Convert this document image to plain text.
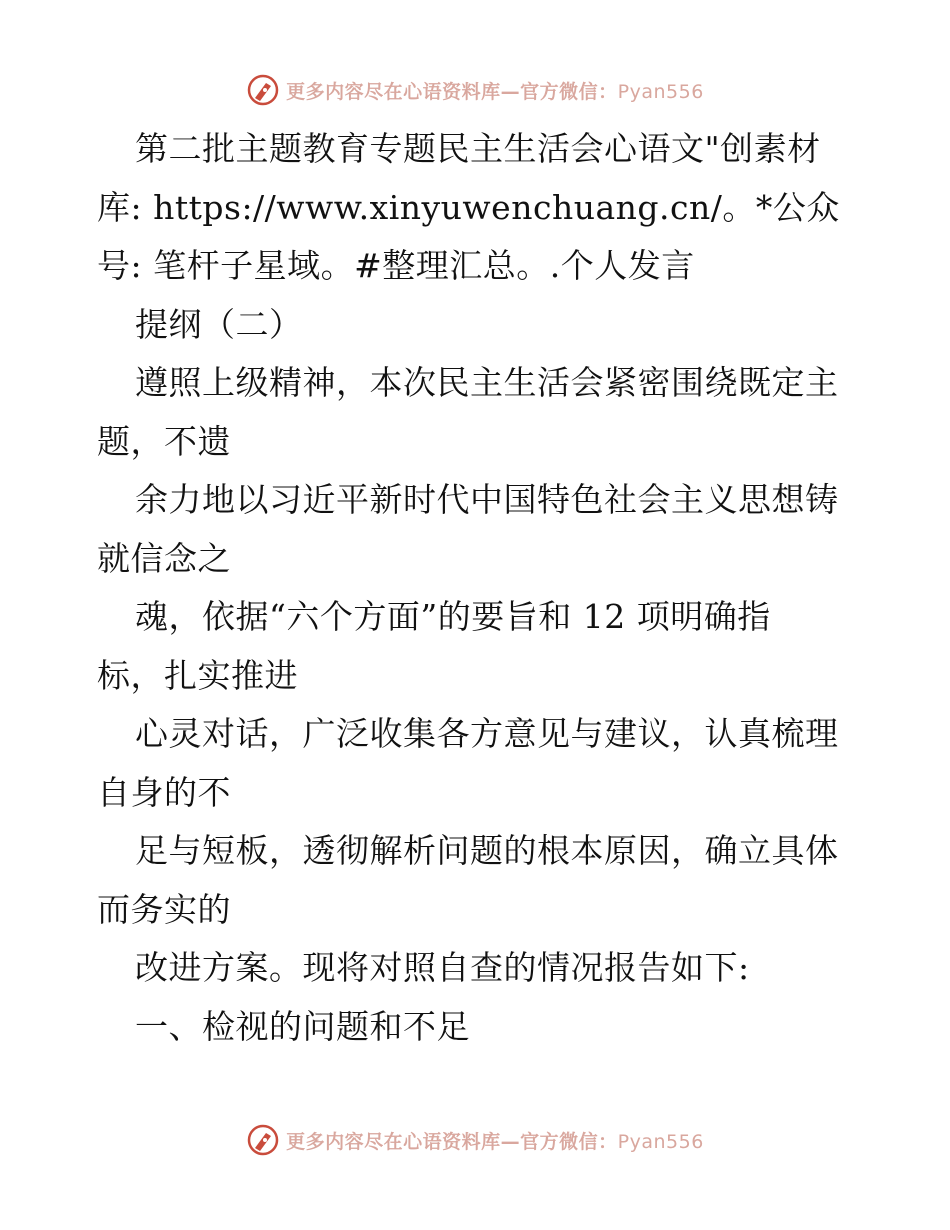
更多内容尽在心语资料库—官方微信：Pyan556
第二批主题教育专题民主生活会心语文"创素材
库: https://www.xinyuwenchuang.cn/。*公众
号: 笔杆子星域。#整理汇总。.个人发言
提纲（二）
遵照上级精神，本次民主生活会紧密围绕既定主
题，不遗
余力地以习近平新时代中国特色社会主义思想铸
就信念之
魂，依据“六个方面”的要旨和 12 项明确指
标，扎实推进
心灵对话，广泛收集各方意见与建议，认真梳理
自身的不
足与短板，透彻解析问题的根本原因，确立具体
而务实的
改进方案。现将对照自查的情况报告如下:
一、检视的问题和不足
更多内容尽在心语资料库—官方微信：Pyan556
